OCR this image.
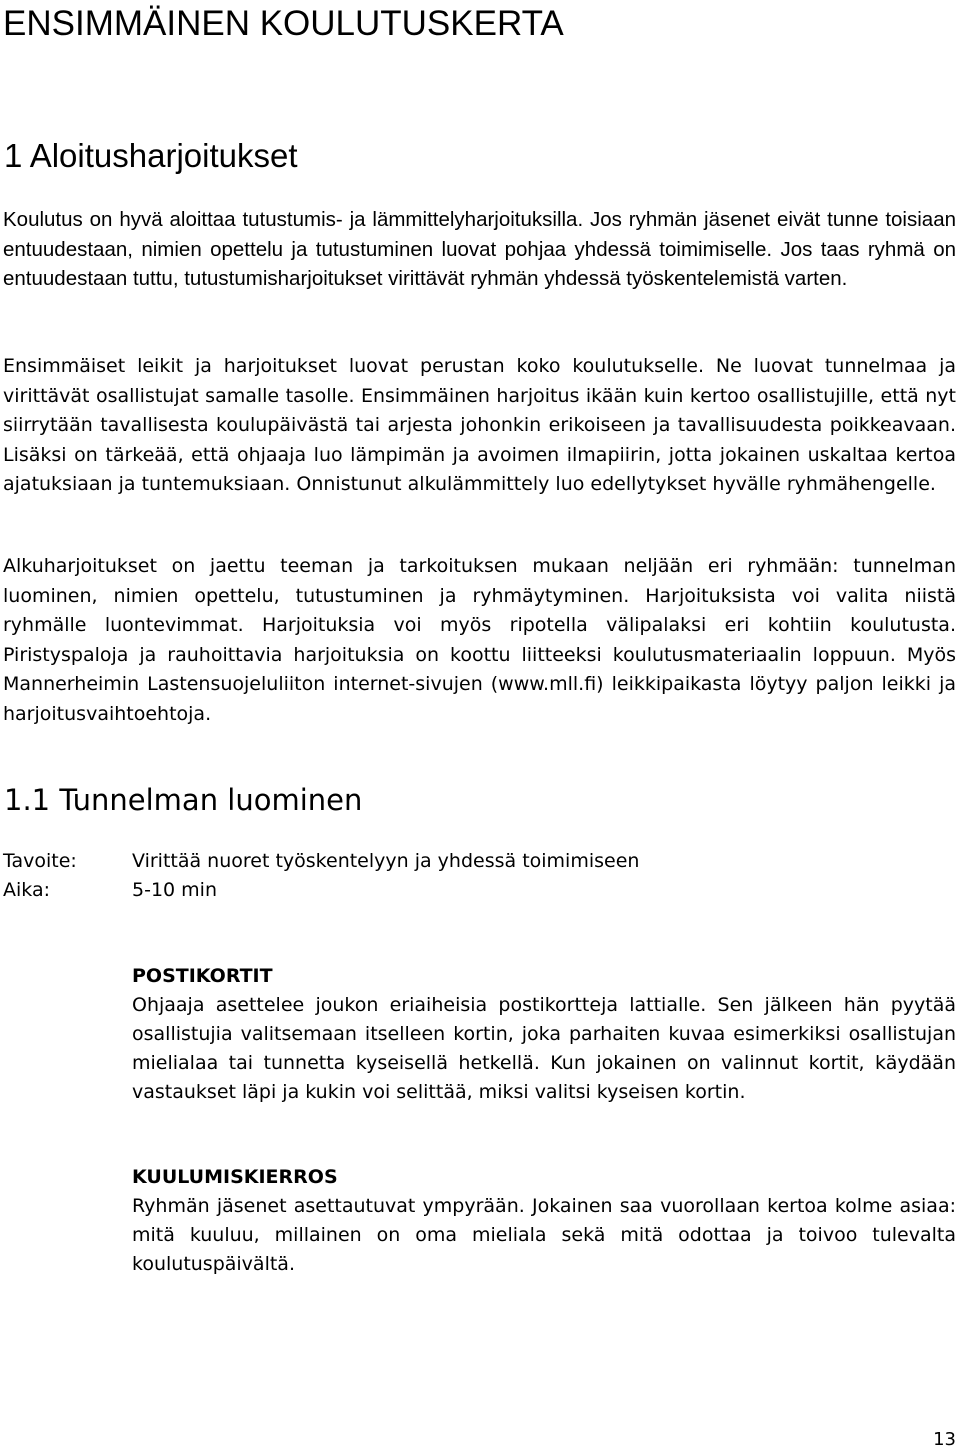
ENSIMMÄINEN KOULUTUSKERTA
1 Aloitusharjoitukset

Koulutus on hyvä aloittaa tutustumis- ja lämmittelyharjoituksilla. Jos ryhmän jäsenet eivät tunne toisiaan entuudestaan, nimien opettelu ja tutustuminen luovat pohjaa yhdessä toimimiselle. Jos taas ryhmä on entuudestaan tuttu, tutustumisharjoitukset virittävät ryhmän yhdessä työskentelemistä varten.

Ensimmäiset leikit ja harjoitukset luovat perustan koko koulutukselle. Ne luovat tunnelmaa ja virittävät osallistujat samalle tasolle. Ensimmäinen harjoitus ikään kuin kertoo osallistujille, että nyt siirrytään tavallisesta koulupäivästä tai arjesta johonkin erikoiseen ja tavallisuudesta poikkeavaan. Lisäksi on tärkeää, että ohjaaja luo lämpimän ja avoimen ilmapiirin, jotta jokainen uskaltaa kertoa ajatuksiaan ja tuntemuksiaan. Onnistunut alkulämmittely luo edellytykset hyvälle ryhmähengelle.

Alkuharjoitukset on jaettu teeman ja tarkoituksen mukaan neljään eri ryhmään: tunnelman luominen, nimien opettelu, tutustuminen ja ryhmäytyminen. Harjoituksista voi valita niistä ryhmälle luontevimmat. Harjoituksia voi myös ripotella välipalaksi eri kohtiin koulutusta. Piristyspaloja ja rauhoittavia harjoituksia on koottu liitteeksi koulutusmateriaalin loppuun. Myös Mannerheimin Lastensuojeluliiton internet-sivujen (www.mll.fi) leikkipaikasta löytyy paljon leikki ja harjoitusvaihtoehtoja.

1.1 Tunnelman luominen
Tavoite:	Virittää nuoret työskentelyyn ja yhdessä toimimiseen
Aika:	5-10 min

POSTIKORTIT

Ohjaaja asettelee joukon eriaiheisia postikortteja lattialle. Sen jälkeen hän pyytää osallistujia valitsemaan itselleen kortin, joka parhaiten kuvaa esimerkiksi osallistujan mielialaa tai tunnetta kyseisellä hetkellä. Kun jokainen on valinnut kortit, käydään vastaukset läpi ja kukin voi selittää, miksi valitsi kyseisen kortin.

KUULUMISKIERROS

Ryhmän jäsenet asettautuvat ympyrään. Jokainen saa vuorollaan kertoa kolme asiaa: mitä kuuluu, millainen on oma mieliala sekä mitä odottaa ja toivoo tulevalta koulutuspäivältä.

13
